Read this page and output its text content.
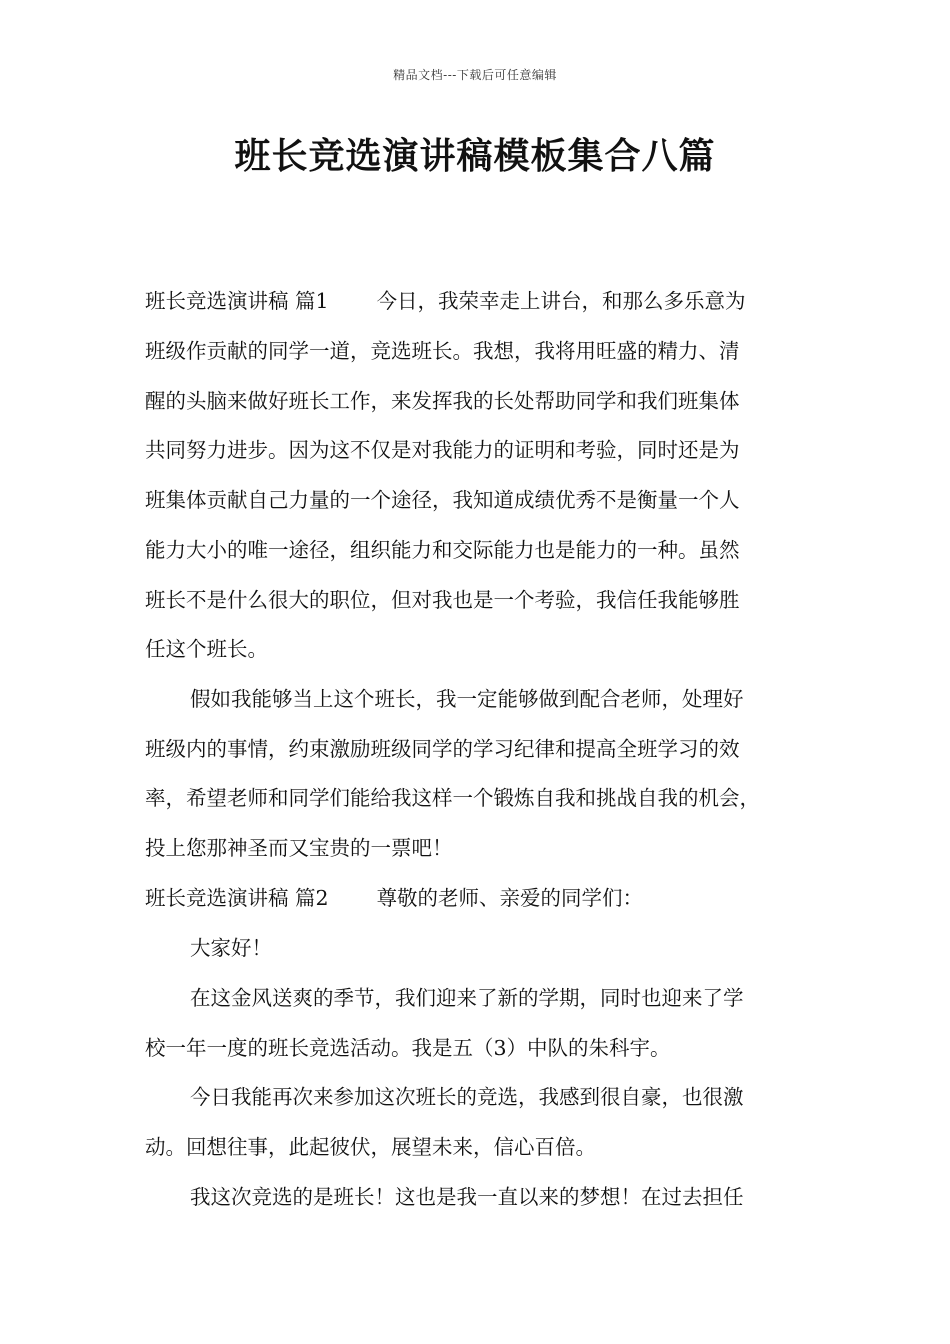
精品文档---下载后可任意编辑
班长竞选演讲稿模板集合八篇
班长竞选演讲稿 篇1 今日，我荣幸走上讲台，和那么多乐意为
班级作贡献的同学一道，竞选班长。我想，我将用旺盛的精力、清
醒的头脑来做好班长工作，来发挥我的长处帮助同学和我们班集体
共同努力进步。因为这不仅是对我能力的证明和考验，同时还是为
班集体贡献自己力量的一个途径，我知道成绩优秀不是衡量一个人
能力大小的唯一途径，组织能力和交际能力也是能力的一种。虽然
班长不是什么很大的职位，但对我也是一个考验，我信任我能够胜
任这个班长。
假如我能够当上这个班长，我一定能够做到配合老师，处理好
班级内的事情，约束激励班级同学的学习纪律和提高全班学习的效
率，希望老师和同学们能给我这样一个锻炼自我和挑战自我的机会，
投上您那神圣而又宝贵的一票吧！
班长竞选演讲稿 篇2 尊敬的老师、亲爱的同学们：
大家好！
在这金风送爽的季节，我们迎来了新的学期，同时也迎来了学
校一年一度的班长竞选活动。我是五（3）中队的朱科宇。
今日我能再次来参加这次班长的竞选，我感到很自豪，也很激
动。回想往事，此起彼伏，展望未来，信心百倍。
我这次竞选的是班长！这也是我一直以来的梦想！在过去担任
